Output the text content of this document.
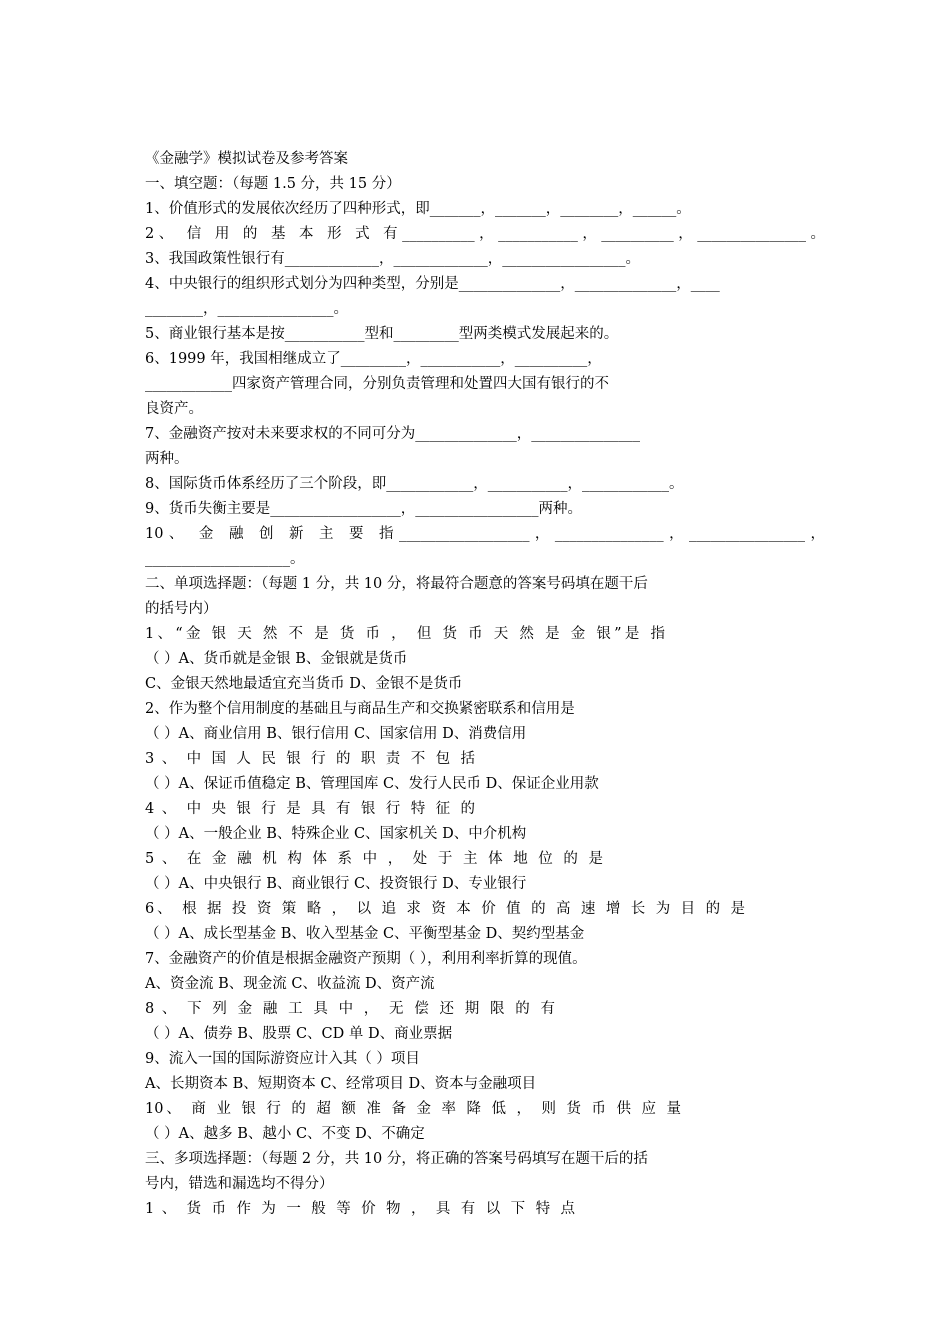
《金融学》模拟试卷及参考答案
一、填空题：（每题 1.5 分，共 15 分）
1、价值形式的发展依次经历了四种形式，即_______，_______，________，______。
2、 信 用 的 基 本 形 式 有__________，___________，__________，_______________。
3、我国政策性银行有_____________，_____________，_________________。
4、中央银行的组织形式划分为四种类型，分别是______________，______________，____
________，________________。
5、商业银行基本是按___________型和_________型两类模式发展起来的。
6、1999 年，我国相继成立了_________，___________，__________，
____________四家资产管理合同，分别负责管理和处置四大国有银行的不
良资产。
7、金融资产按对未来要求权的不同可分为______________，_______________
两种。
8、国际货币体系经历了三个阶段，即____________，___________，____________。
9、货币失衡主要是__________________，_________________两种。
10、 金 融 创 新 主 要 指__________________，_______________，________________，
____________________。
二、单项选择题：（每题 1 分，共 10 分，将最符合题意的答案号码填在题干后
的括号内）
1、“金 银 天 然 不 是 货 币 ， 但 货 币 天 然 是 金 银”是 指
（ ）A、货币就是金银 B、金银就是货币
C、金银天然地最适宜充当货币 D、金银不是货币
2、作为整个信用制度的基础且与商品生产和交换紧密联系和信用是
（ ）A、商业信用 B、银行信用 C、国家信用 D、消费信用
3 、 中 国 人 民 银 行 的 职 责 不 包 括
（ ）A、保证币值稳定 B、管理国库 C、发行人民币 D、保证企业用款
4 、 中 央 银 行 是 具 有 银 行 特 征 的
（ ）A、一般企业 B、特殊企业 C、国家机关 D、中介机构
5 、 在 金 融 机 构 体 系 中 ， 处 于 主 体 地 位 的 是
（ ）A、中央银行 B、商业银行 C、投资银行 D、专业银行
6、 根 据 投 资 策 略 ， 以 追 求 资 本 价 值 的 高 速 增 长 为 目 的 是
（ ）A、成长型基金 B、收入型基金 C、平衡型基金 D、契约型基金
7、金融资产的价值是根据金融资产预期（ ），利用利率折算的现值。
A、资金流 B、现金流 C、收益流 D、资产流
8 、 下 列 金 融 工 具 中 ， 无 偿 还 期 限 的 有
（ ）A、债券 B、股票 C、CD 单 D、商业票据
9、流入一国的国际游资应计入其（ ）项目
A、长期资本 B、短期资本 C、经常项目 D、资本与金融项目
10、 商 业 银 行 的 超 额 准 备 金 率 降 低 ， 则 货 币 供 应 量
（ ）A、越多 B、越小 C、不变 D、不确定
三、多项选择题：（每题 2 分，共 10 分，将正确的答案号码填写在题干后的括
号内，错选和漏选均不得分）
1 、 货 币 作 为 一 般 等 价 物 ， 具 有 以 下 特 点
